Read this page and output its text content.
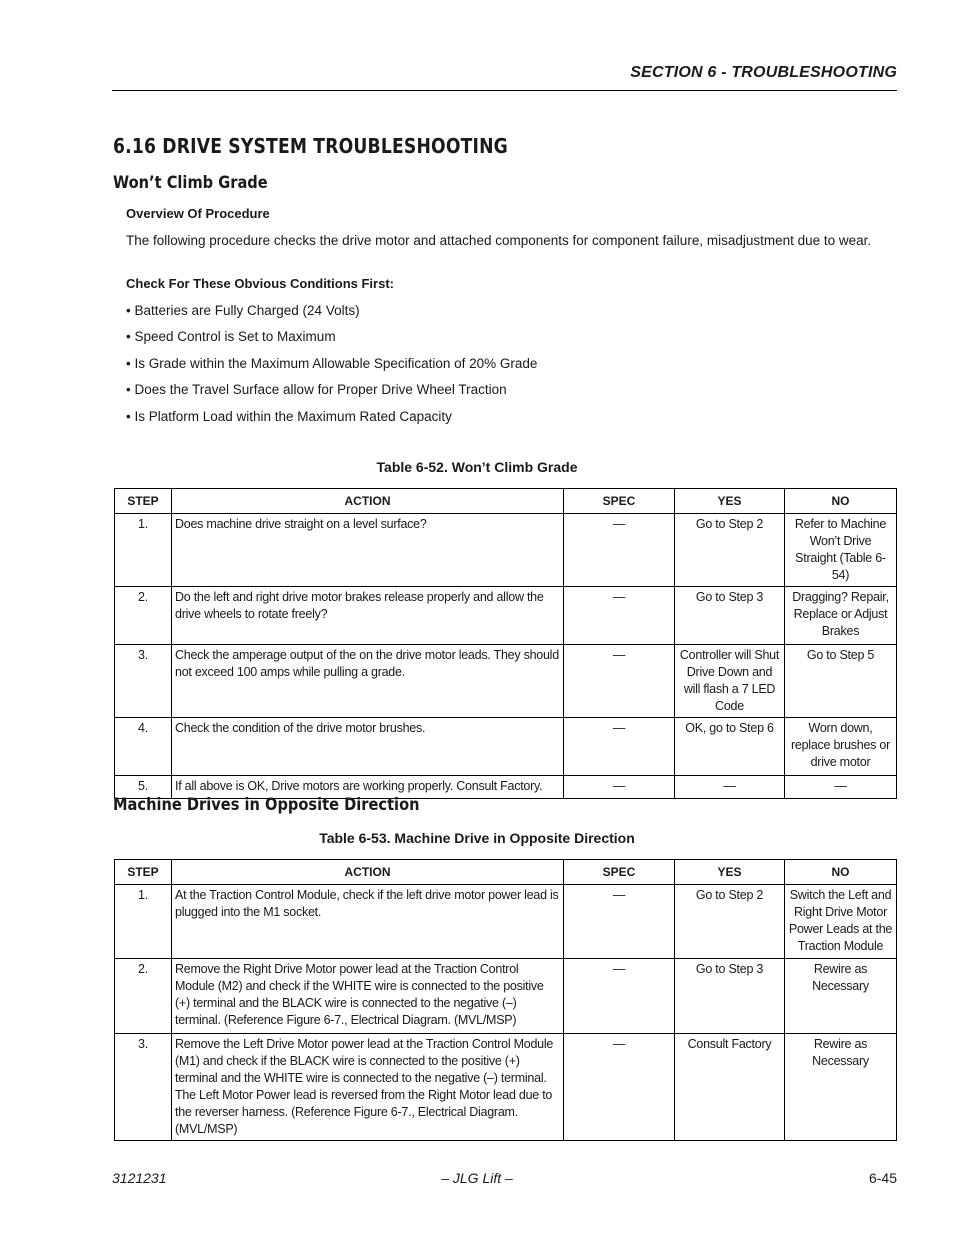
SECTION 6 - TROUBLESHOOTING
6.16 DRIVE SYSTEM TROUBLESHOOTING
Won’t Climb Grade
Overview Of Procedure
The following procedure checks the drive motor and attached components for component failure, misadjustment due to wear.
Check For These Obvious Conditions First:
• Batteries are Fully Charged (24 Volts)
• Speed Control is Set to Maximum
• Is Grade within the Maximum Allowable Specification of 20% Grade
• Does the Travel Surface allow for Proper Drive Wheel Traction
• Is Platform Load within the Maximum Rated Capacity
Table 6-52. Won’t Climb Grade
STEP	ACTION	SPEC	YES	NO
1.	Does machine drive straight on a level surface?	—	Go to Step 2	Refer to Machine Won’t Drive Straight (Table 6-54)
2.	Do the left and right drive motor brakes release properly and allow the drive wheels to rotate freely?	—	Go to Step 3	Dragging? Repair, Replace or Adjust Brakes
3.	Check the amperage output of the on the drive motor leads. They should not exceed 100 amps while pulling a grade.	—	Controller will Shut Drive Down and will flash a 7 LED Code	Go to Step 5
4.	Check the condition of the drive motor brushes.	—	OK, go to Step 6	Worn down, replace brushes or drive motor
5.	If all above is OK, Drive motors are working properly. Consult Factory.	—	—	—
Machine Drives in Opposite Direction
Table 6-53. Machine Drive in Opposite Direction
STEP	ACTION	SPEC	YES	NO
1.	At the Traction Control Module, check if the left drive motor power lead is plugged into the M1 socket.	—	Go to Step 2	Switch the Left and Right Drive Motor Power Leads at the Traction Module
2.	Remove the Right Drive Motor power lead at the Traction Control Module (M2) and check if the WHITE wire is connected to the positive (+) terminal and the BLACK wire is connected to the negative (–) terminal. (Reference Figure 6-7., Electrical Diagram. (MVL/MSP)	—	Go to Step 3	Rewire as Necessary
3.	Remove the Left Drive Motor power lead at the Traction Control Module (M1) and check if the BLACK wire is connected to the positive (+) terminal and the WHITE wire is connected to the negative (–) terminal. The Left Motor Power lead is reversed from the Right Motor lead due to the reverser harness. (Reference Figure 6-7., Electrical Diagram. (MVL/MSP)	—	Consult Factory	Rewire as Necessary
3121231	– JLG Lift –	6-45
